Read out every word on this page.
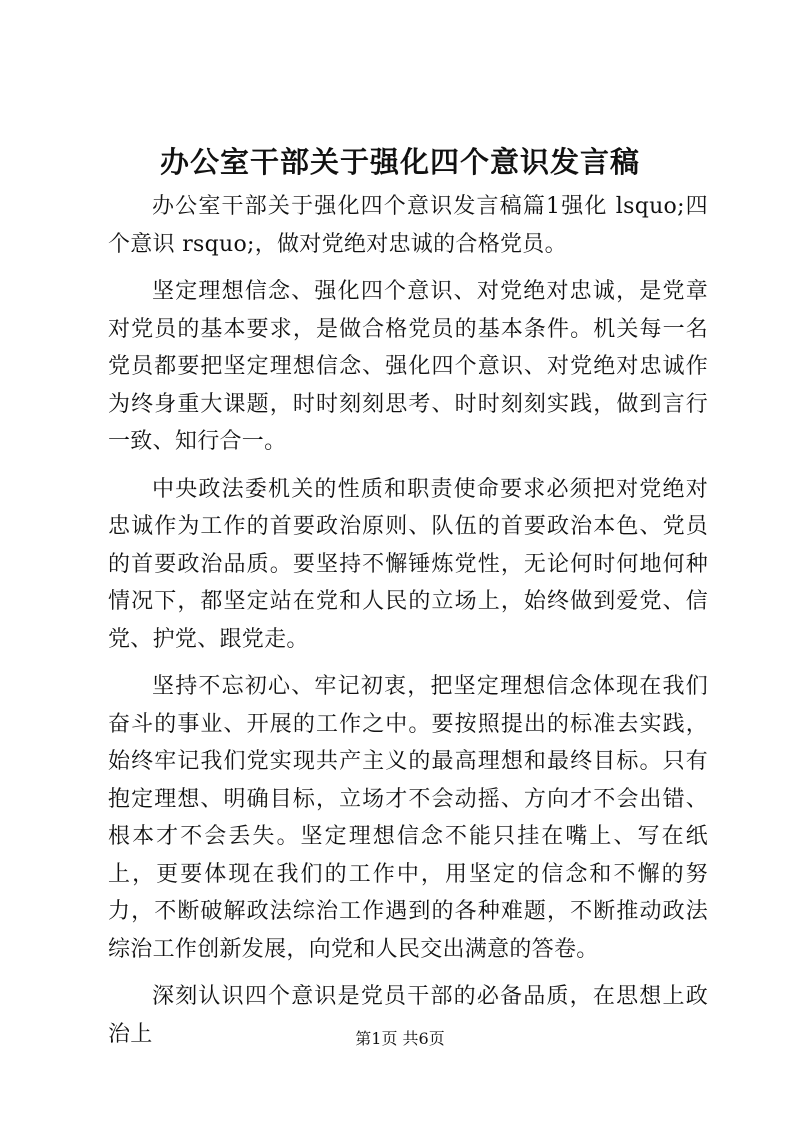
办公室干部关于强化四个意识发言稿

办公室干部关于强化四个意识发言稿篇1强化 lsquo;四个意识 rsquo;，做对党绝对忠诚的合格党员。

坚定理想信念、强化四个意识、对党绝对忠诚，是党章对党员的基本要求，是做合格党员的基本条件。机关每一名党员都要把坚定理想信念、强化四个意识、对党绝对忠诚作为终身重大课题，时时刻刻思考、时时刻刻实践，做到言行一致、知行合一。

中央政法委机关的性质和职责使命要求必须把对党绝对忠诚作为工作的首要政治原则、队伍的首要政治本色、党员的首要政治品质。要坚持不懈锤炼党性，无论何时何地何种情况下，都坚定站在党和人民的立场上，始终做到爱党、信党、护党、跟党走。

坚持不忘初心、牢记初衷，把坚定理想信念体现在我们奋斗的事业、开展的工作之中。要按照提出的标准去实践，始终牢记我们党实现共产主义的最高理想和最终目标。只有抱定理想、明确目标，立场才不会动摇、方向才不会出错、根本才不会丢失。坚定理想信念不能只挂在嘴上、写在纸上，更要体现在我们的工作中，用坚定的信念和不懈的努力，不断破解政法综治工作遇到的各种难题，不断推动政法综治工作创新发展，向党和人民交出满意的答卷。

深刻认识四个意识是党员干部的必备品质，在思想上政治上	第1页 共6页
